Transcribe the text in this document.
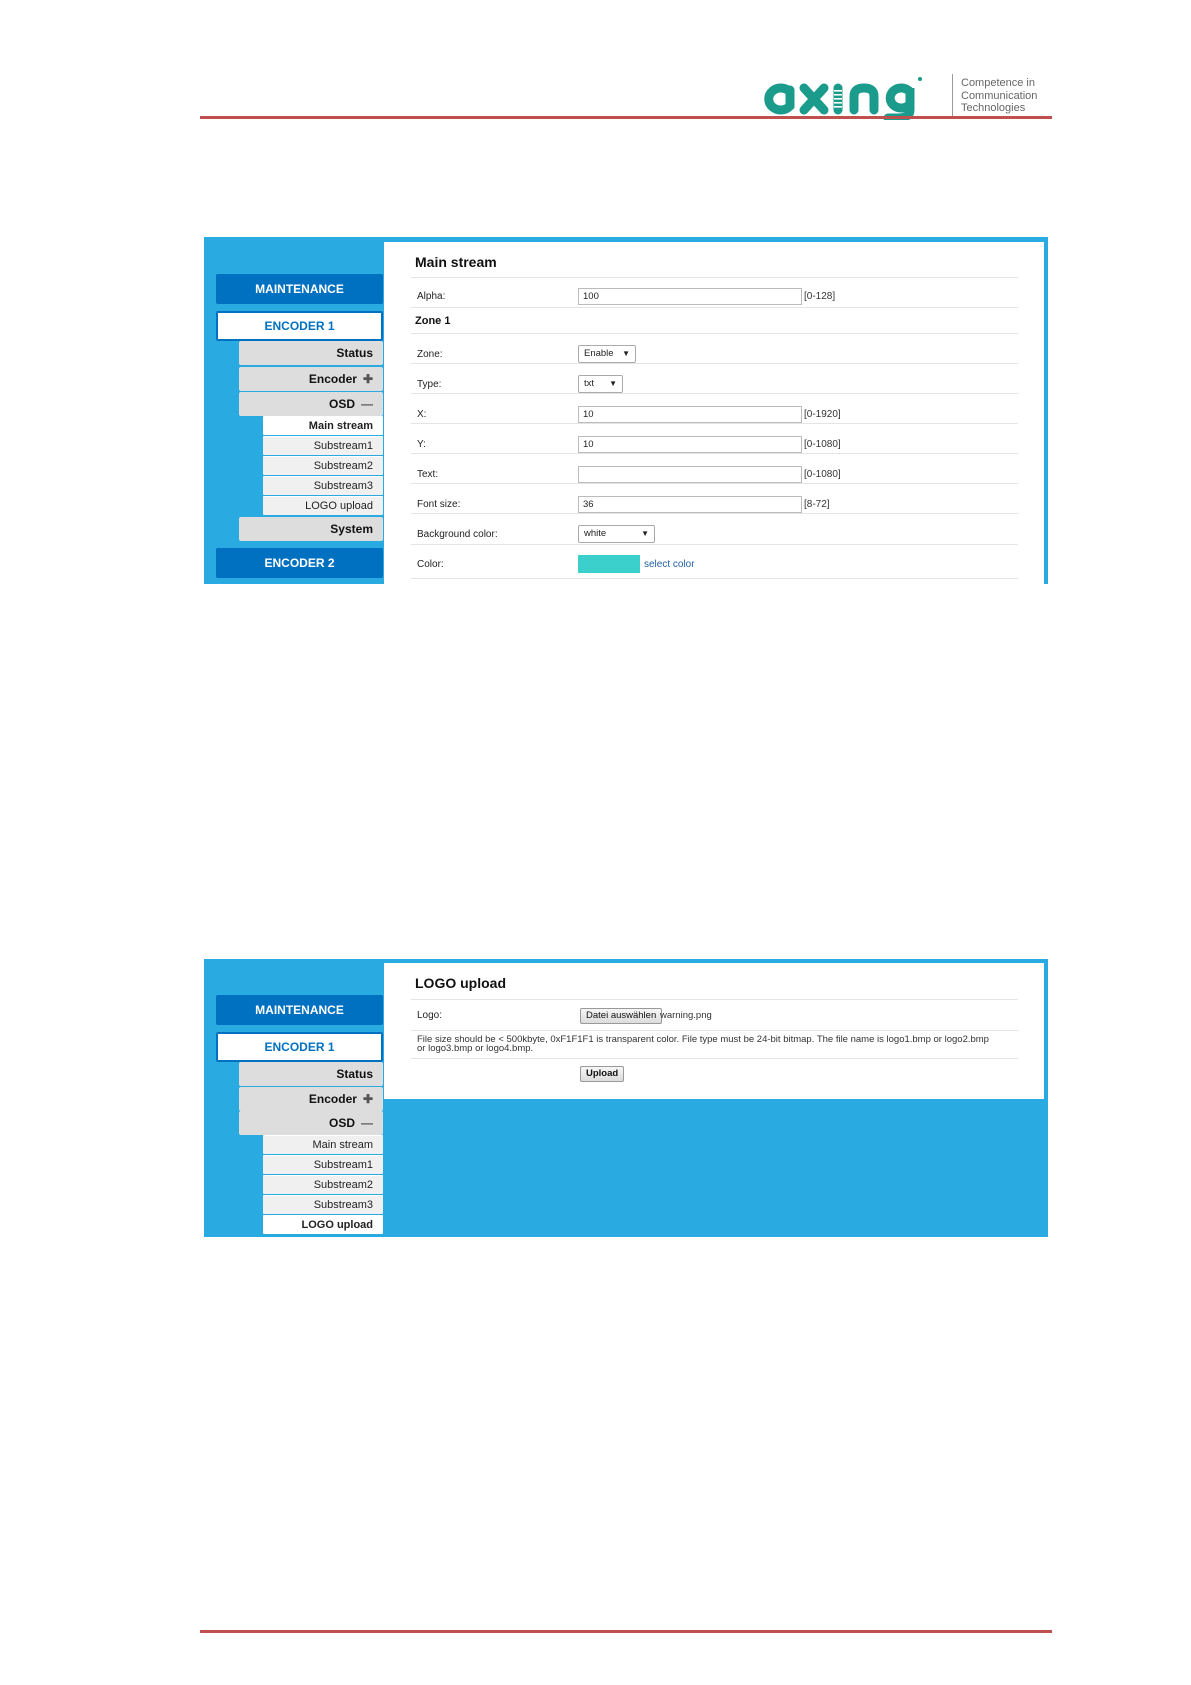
Competence in
Communication
Technologies
MAINTENANCE
ENCODER 1
Status
Encoder ✚
OSD —
Main stream
Substream1
Substream2
Substream3
LOGO upload
System
ENCODER 2
Main stream
Alpha:	100	[0-128]
Zone 1
Zone:	Enable ▼
Type:	txt ▼
X:	10	[0-1920]
Y:	10	[0-1080]
Text:	[0-1080]
Font size:	36	[8-72]
Background color:	white	▼
Color:	select color
MAINTENANCE
ENCODER 1
Status
Encoder ✚
OSD —
Main stream
Substream1
Substream2
Substream3
LOGO upload
LOGO upload
Logo:	Datei auswählen warning.png
File size should be < 500kbyte, 0xF1F1F1 is transparent color. File type must be 24-bit bitmap. The file name is logo1.bmp or logo2.bmp or logo3.bmp or logo4.bmp.
Upload
